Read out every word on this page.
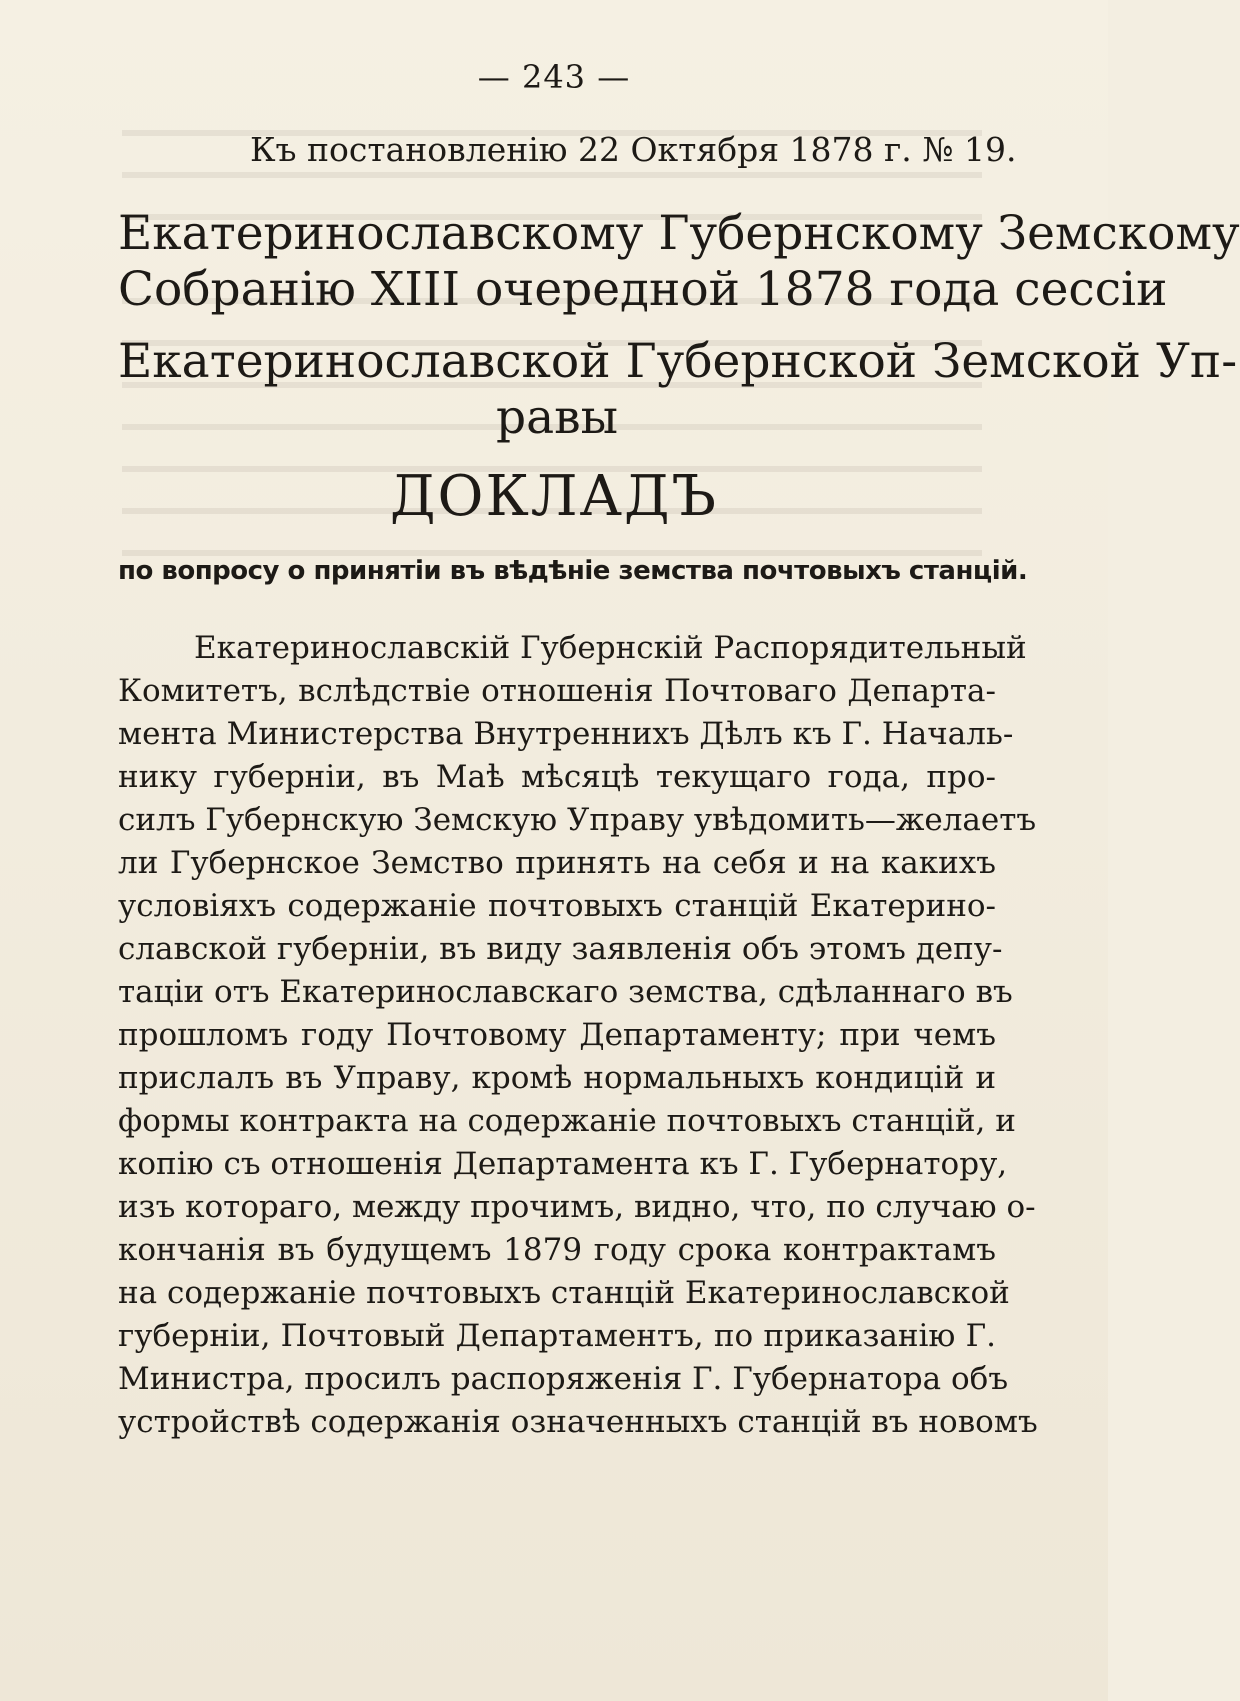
— 243 —
Къ постановленію 22 Октября 1878 г. № 19.
Екатеринославскому Губернскому Земскому
Собранію XIII очередной 1878 года сессіи
Екатеринославской Губернской Земской Уп-
равы
ДОКЛАДЪ
по вопросу о принятіи въ вѣдѣніе земства почтовыхъ станцій.
Екатеринославскій Губернскій Распорядительный
Комитетъ, вслѣдствіе отношенія Почтоваго Департа-
мента Министерства Внутреннихъ Дѣлъ къ Г. Началь-
нику губерніи, въ Маѣ мѣсяцѣ текущаго года, про-
силъ Губернскую Земскую Управу увѣдомить—желаетъ
ли Губернское Земство принять на себя и на какихъ
условіяхъ содержаніе почтовыхъ станцій Екатерино-
славской губерніи, въ виду заявленія объ этомъ депу-
таціи отъ Екатеринославскаго земства, сдѣланнаго въ
прошломъ году Почтовому Департаменту; при чемъ
прислалъ въ Управу, кромѣ нормальныхъ кондицій и
формы контракта на содержаніе почтовыхъ станцій, и
копію съ отношенія Департамента къ Г. Губернатору,
изъ котораго, между прочимъ, видно, что, по случаю о-
кончанія въ будущемъ 1879 году срока контрактамъ
на содержаніе почтовыхъ станцій Екатеринославской
губерніи, Почтовый Департаментъ, по приказанію Г.
Министра, просилъ распоряженія Г. Губернатора объ
устройствѣ содержанія означенныхъ станцій въ новомъ
